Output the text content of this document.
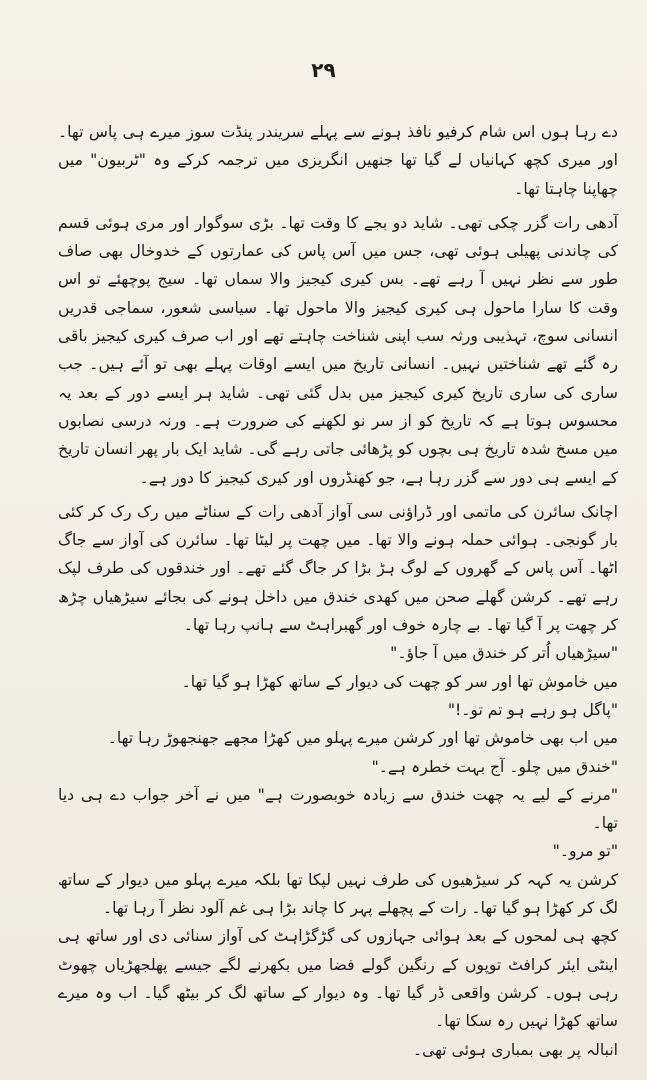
۲۹

دے رہا ہوں اس شام کرفیو نافذ ہونے سے پہلے سریندر پنڈت سوز میرے ہی پاس تھا۔ اور میری کچھ کہانیاں لے گیا تھا جنھیں انگریزی میں ترجمہ کرکے وہ "ٹربیون" میں چھاپنا چاہتا تھا۔

آدھی رات گزر چکی تھی۔ شاید دو بجے کا وقت تھا۔ بڑی سوگوار اور مری ہوئی قسم کی چاندنی پھیلی ہوئی تھی، جس میں آس پاس کی عمارتوں کے خدوخال بھی صاف طور سے نظر نہیں آ رہے تھے۔ بس کیری کیجیز والا سماں تھا۔ سیج پوچھئے تو اس وقت کا سارا ماحول ہی کیری کیجیز والا ماحول تھا۔ سیاسی شعور، سماجی قدریں انسانی سوچ، تہذیبی ورثہ سب اپنی شناخت چاہتے تھے اور اب صرف کیری کیجیز باقی رہ گئے تھے شناختیں نہیں۔ انسانی تاریخ میں ایسے اوقات پہلے بھی تو آئے ہیں۔ جب ساری کی ساری تاریخ کیری کیجیز میں بدل گئی تھی۔ شاید ہر ایسے دور کے بعد یہ محسوس ہوتا ہے کہ تاریخ کو از سر نو لکھنے کی ضرورت ہے۔ ورنہ درسی نصابوں میں مسخ شدہ تاریخ ہی بچوں کو پڑھائی جاتی رہے گی۔ شاید ایک بار پھر انسان تاریخ کے ایسے ہی دور سے گزر رہا ہے، جو کھنڈروں اور کیری کیجیز کا دور ہے۔

اچانک سائرن کی ماتمی اور ڈراؤنی سی آواز آدھی رات کے سناٹے میں رک رک کر کئی بار گونجی۔ ہوائی حملہ ہونے والا تھا۔ میں چھت پر لیٹا تھا۔ سائرن کی آواز سے جاگ اٹھا۔ آس پاس کے گھروں کے لوگ ہڑ بڑا کر جاگ گئے تھے۔ اور خندقوں کی طرف لپک رہے تھے۔ کرشن گھلے صحن میں کھدی خندق میں داخل ہونے کی بجائے سیڑھیاں چڑھ کر چھت پر آ گیا تھا۔ بے چارہ خوف اور گھبراہٹ سے ہانپ رہا تھا۔

"سیڑھیاں اُتر کر خندق میں آ جاؤ۔"

میں خاموش تھا اور سر کو چھت کی دیوار کے ساتھ کھڑا ہو گیا تھا۔

"پاگل ہو رہے ہو تم تو۔!"

میں اب بھی خاموش تھا اور کرشن میرے پہلو میں کھڑا مجھے جھنجھوڑ رہا تھا۔

"خندق میں چلو۔ آج بہت خطرہ ہے۔"

"مرنے کے لیے یہ چھت خندق سے زیادہ خوبصورت ہے" میں نے آخر جواب دے ہی دیا تھا۔

"تو مرو۔"

کرشن یہ کہہ کر سیڑھیوں کی طرف نہیں لپکا تھا بلکہ میرے پہلو میں دیوار کے ساتھ لگ کر کھڑا ہو گیا تھا۔ رات کے پچھلے پہر کا چاند بڑا ہی غم آلود نظر آ رہا تھا۔

کچھ ہی لمحوں کے بعد ہوائی جہازوں کی گڑگڑاہٹ کی آواز سنائی دی اور ساتھ ہی اینٹی ایئر کرافٹ توپوں کے رنگین گولے فضا میں بکھرنے لگے جیسے پھلجھڑیاں چھوٹ رہی ہوں۔ کرشن واقعی ڈر گیا تھا۔ وہ دیوار کے ساتھ لگ کر بیٹھ گیا۔ اب وہ میرے ساتھ کھڑا نہیں رہ سکا تھا۔

انبالہ پر بھی بمباری ہوئی تھی۔
